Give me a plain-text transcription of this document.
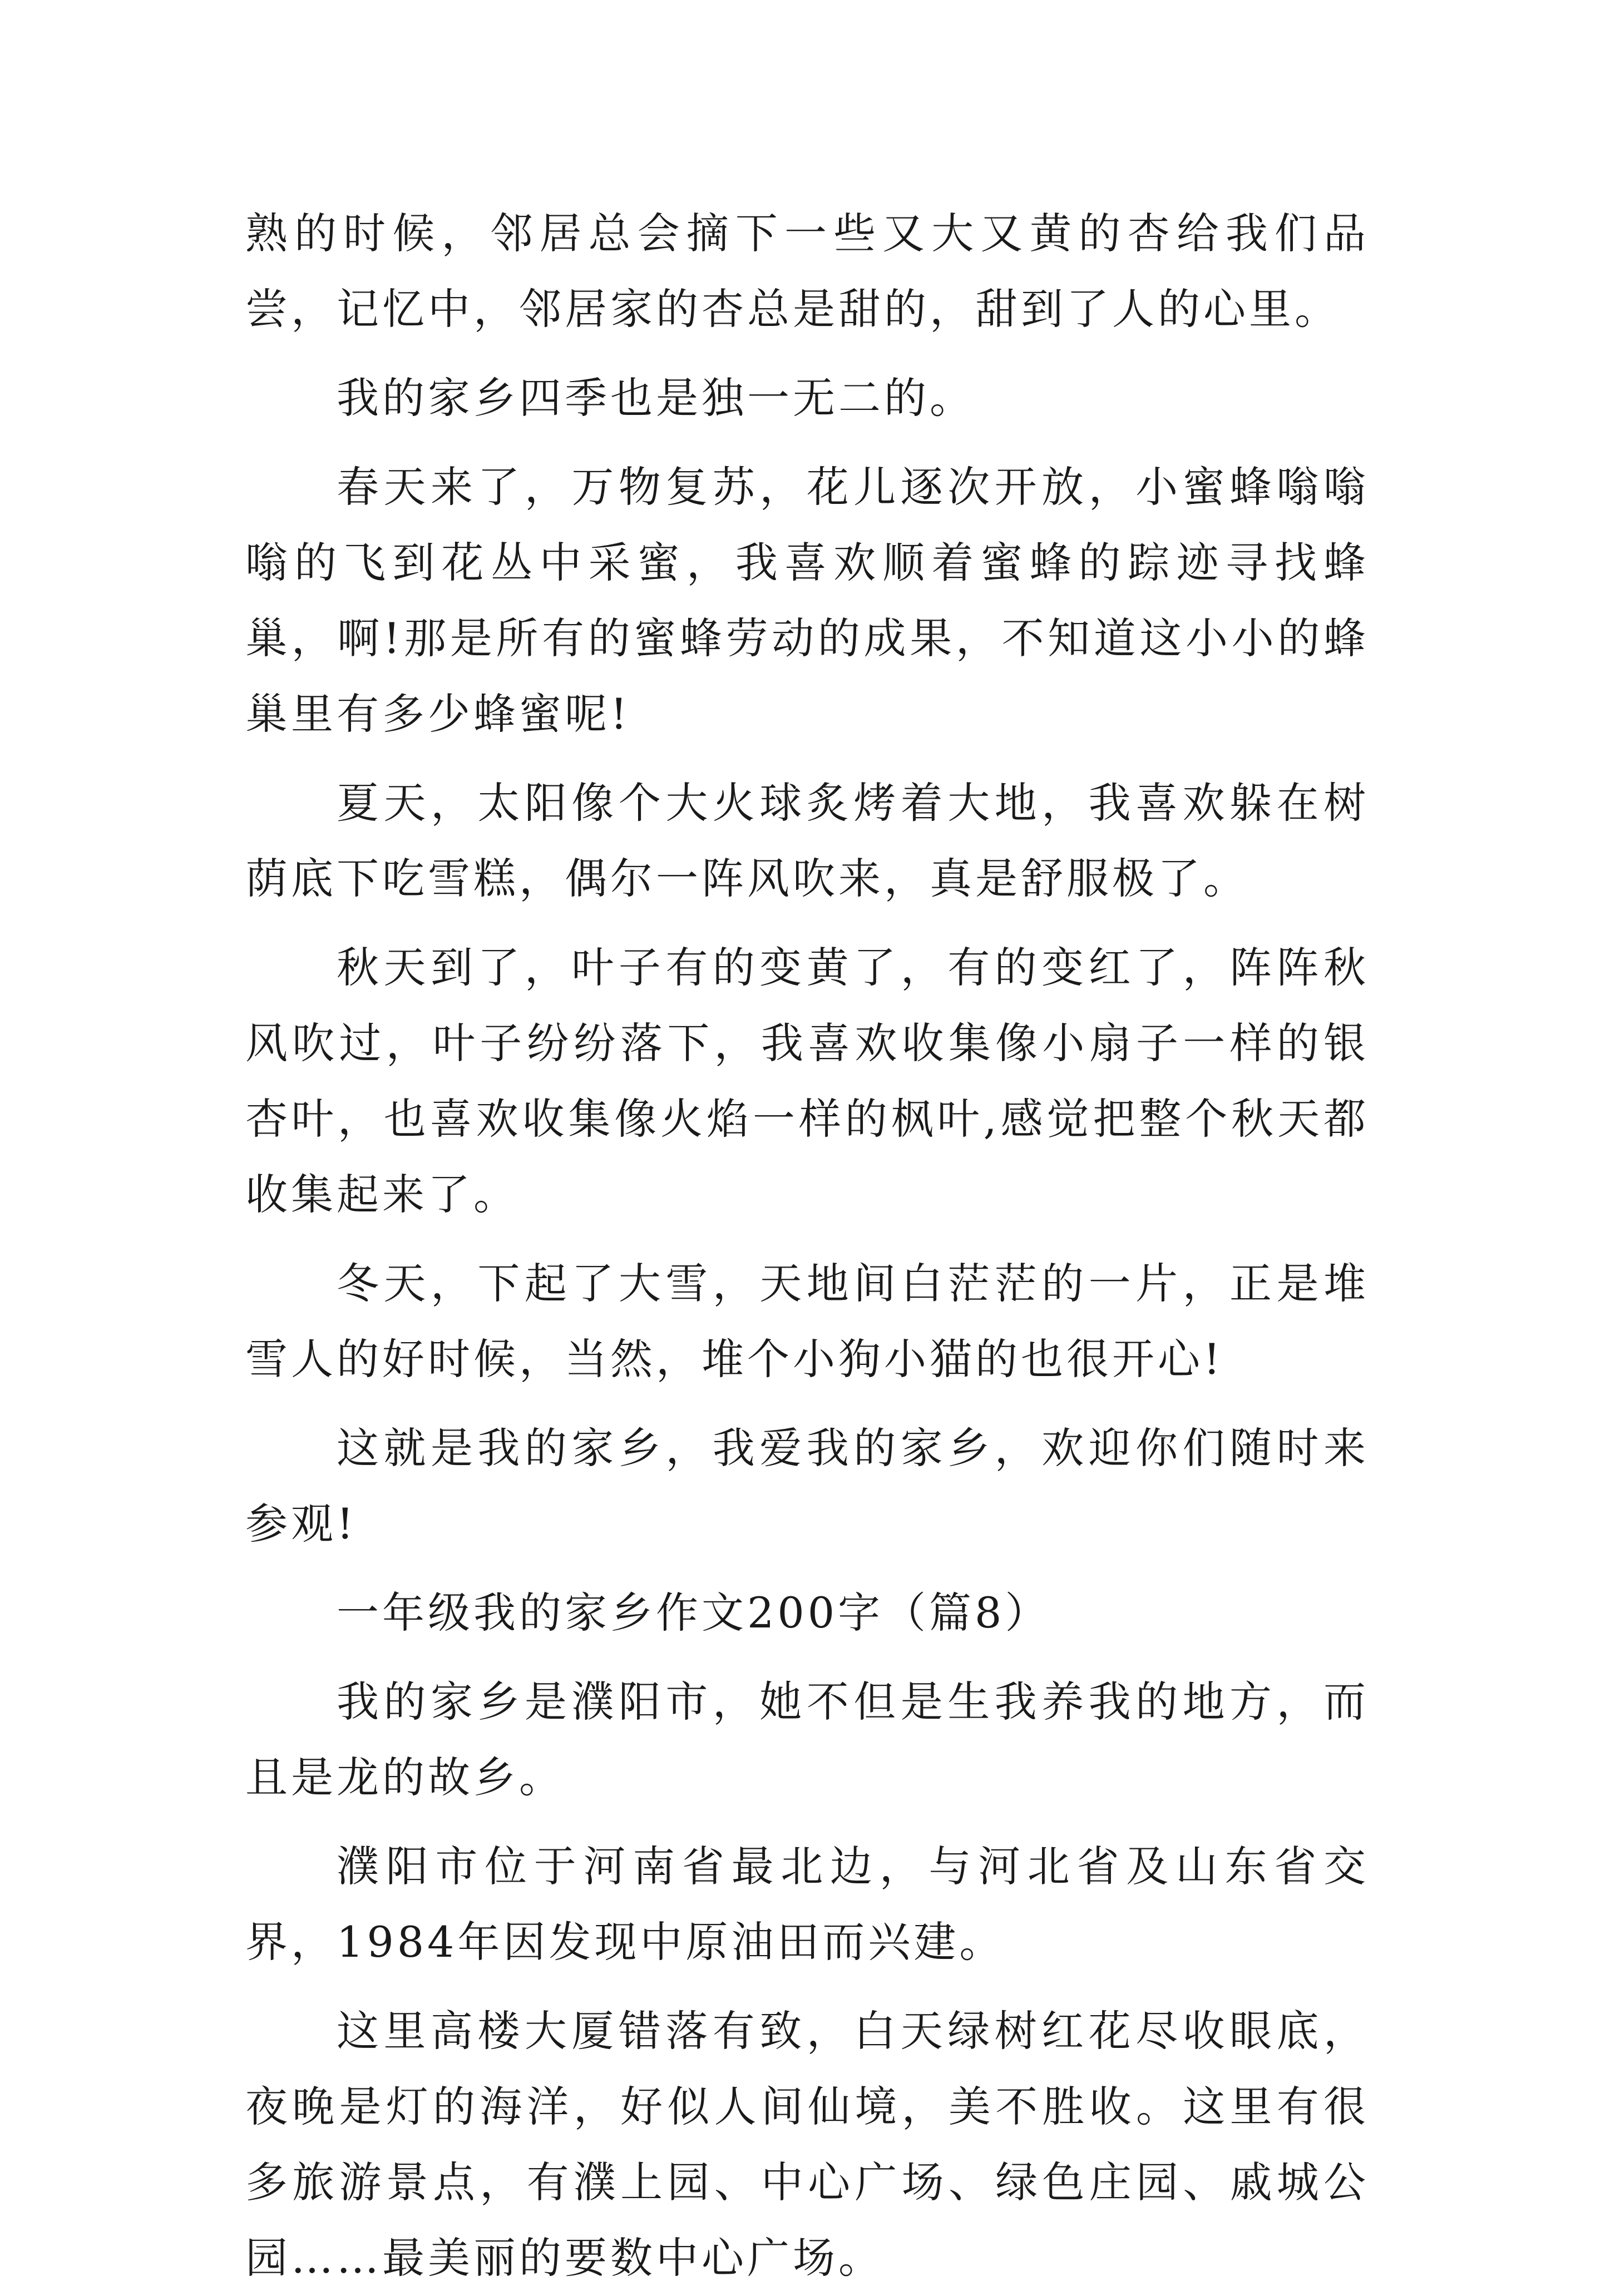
熟的时候，邻居总会摘下一些又大又黄的杏给我们品尝，记忆中，邻居家的杏总是甜的，甜到了人的心里。

我的家乡四季也是独一无二的。

春天来了，万物复苏，花儿逐次开放，小蜜蜂嗡嗡嗡的飞到花丛中采蜜，我喜欢顺着蜜蜂的踪迹寻找蜂巢，啊!那是所有的蜜蜂劳动的成果，不知道这小小的蜂巢里有多少蜂蜜呢!

夏天，太阳像个大火球炙烤着大地，我喜欢躲在树荫底下吃雪糕，偶尔一阵风吹来，真是舒服极了。

秋天到了，叶子有的变黄了，有的变红了，阵阵秋风吹过，叶子纷纷落下，我喜欢收集像小扇子一样的银杏叶，也喜欢收集像火焰一样的枫叶,感觉把整个秋天都收集起来了。

冬天，下起了大雪，天地间白茫茫的一片，正是堆雪人的好时候，当然，堆个小狗小猫的也很开心!

这就是我的家乡，我爱我的家乡，欢迎你们随时来参观!

一年级我的家乡作文200字（篇8）

我的家乡是濮阳市，她不但是生我养我的地方，而且是龙的故乡。

濮阳市位于河南省最北边，与河北省及山东省交界，1984年因发现中原油田而兴建。

这里高楼大厦错落有致，白天绿树红花尽收眼底，夜晚是灯的海洋，好似人间仙境，美不胜收。这里有很多旅游景点，有濮上园、中心广场、绿色庄园、戚城公园……最美丽的要数中心广场。
